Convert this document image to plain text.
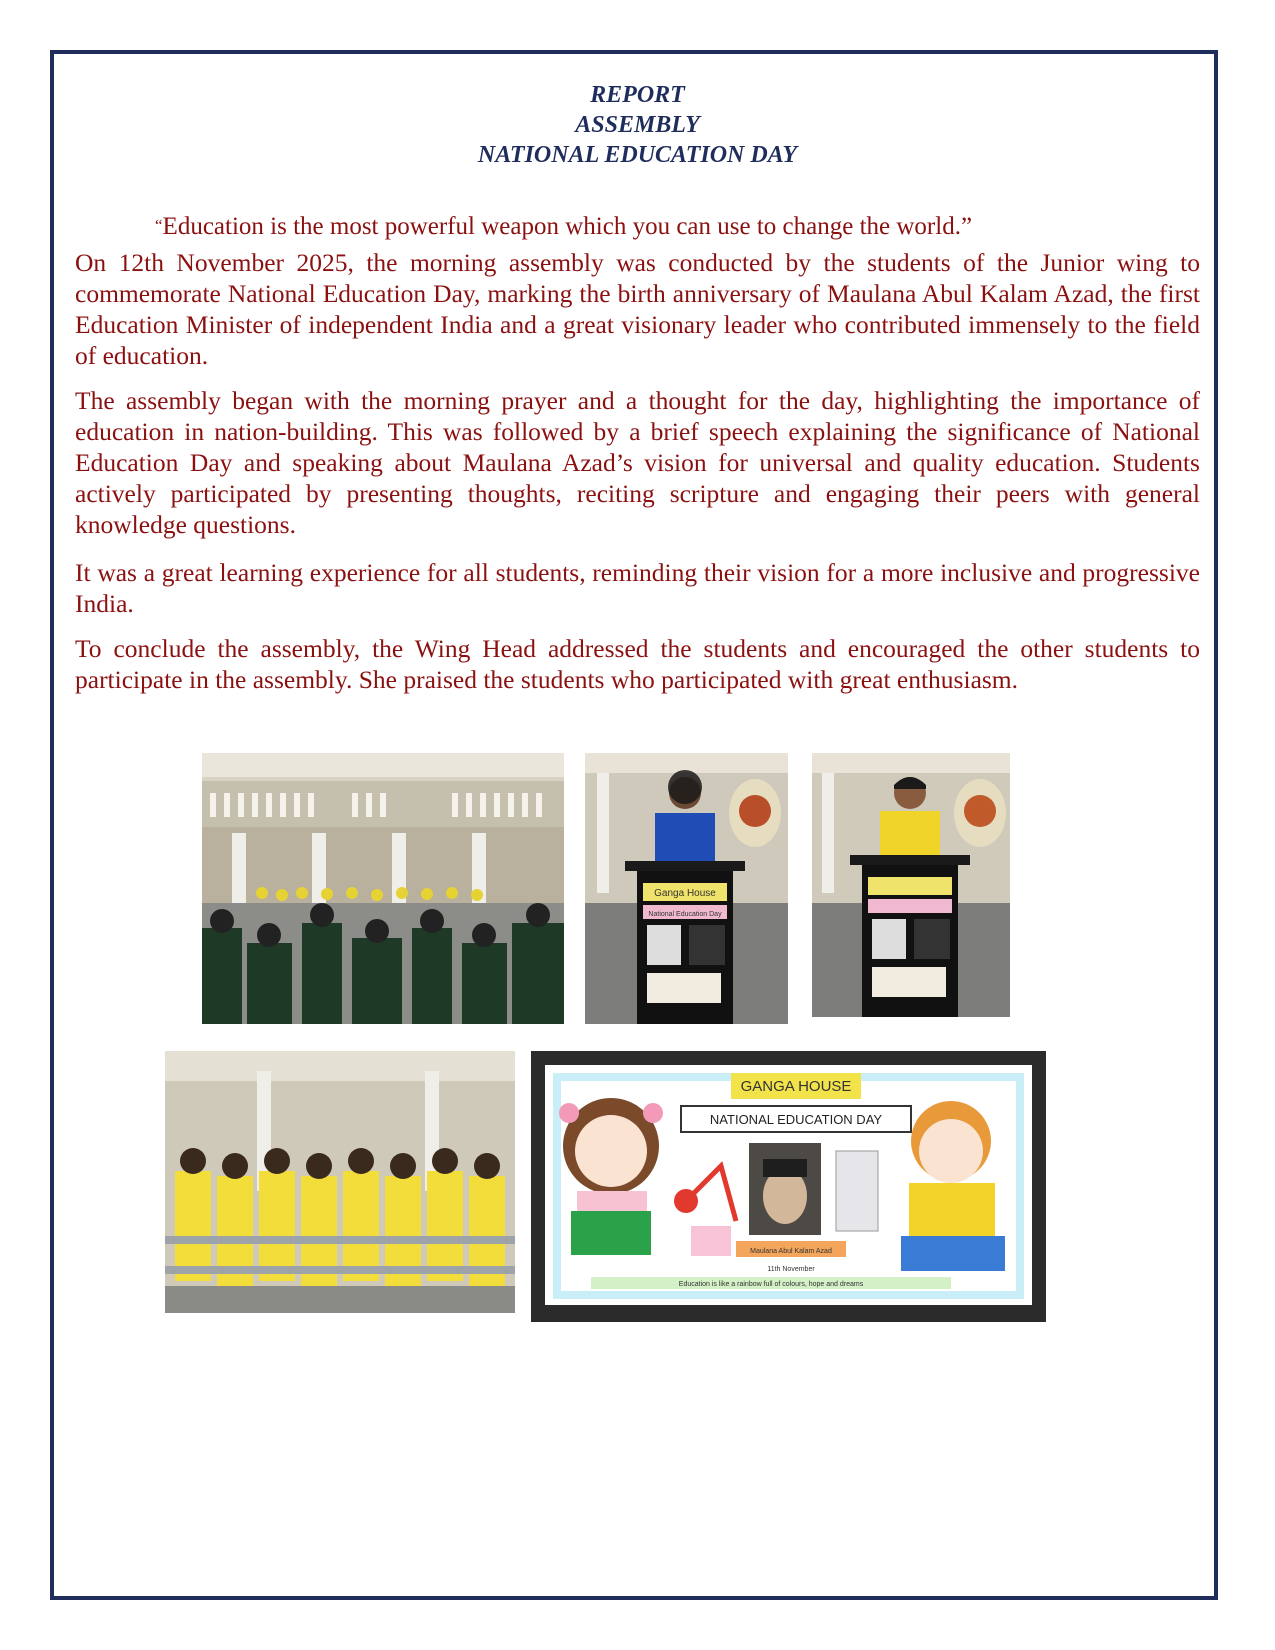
REPORT
ASSEMBLY
NATIONAL EDUCATION DAY
“Education is the most powerful weapon which you can use to change the world.”
On 12th November 2025, the morning assembly was conducted by the students of the Junior wing to commemorate National Education Day, marking the birth anniversary of Maulana Abul Kalam Azad, the first Education Minister of independent India and a great visionary leader who contributed immensely to the field of education.
The assembly began with the morning prayer and a thought for the day, highlighting the importance of education in nation-building. This was followed by a brief speech explaining the significance of National Education Day and speaking about Maulana Azad’s vision for universal and quality education. Students actively participated by presenting thoughts, reciting scripture and engaging their peers with general knowledge questions.
It was a great learning experience for all students, reminding their vision for a more inclusive and progressive India.
To conclude the assembly, the Wing Head addressed the students and encouraged the other students to participate in the assembly. She praised the students who participated with great enthusiasm.
Ganga House
National Education Day
GANGA HOUSE
NATIONAL EDUCATION DAY
Maulana Abul Kalam Azad
11th November
Education is like a rainbow full of colours, hope and dreams
